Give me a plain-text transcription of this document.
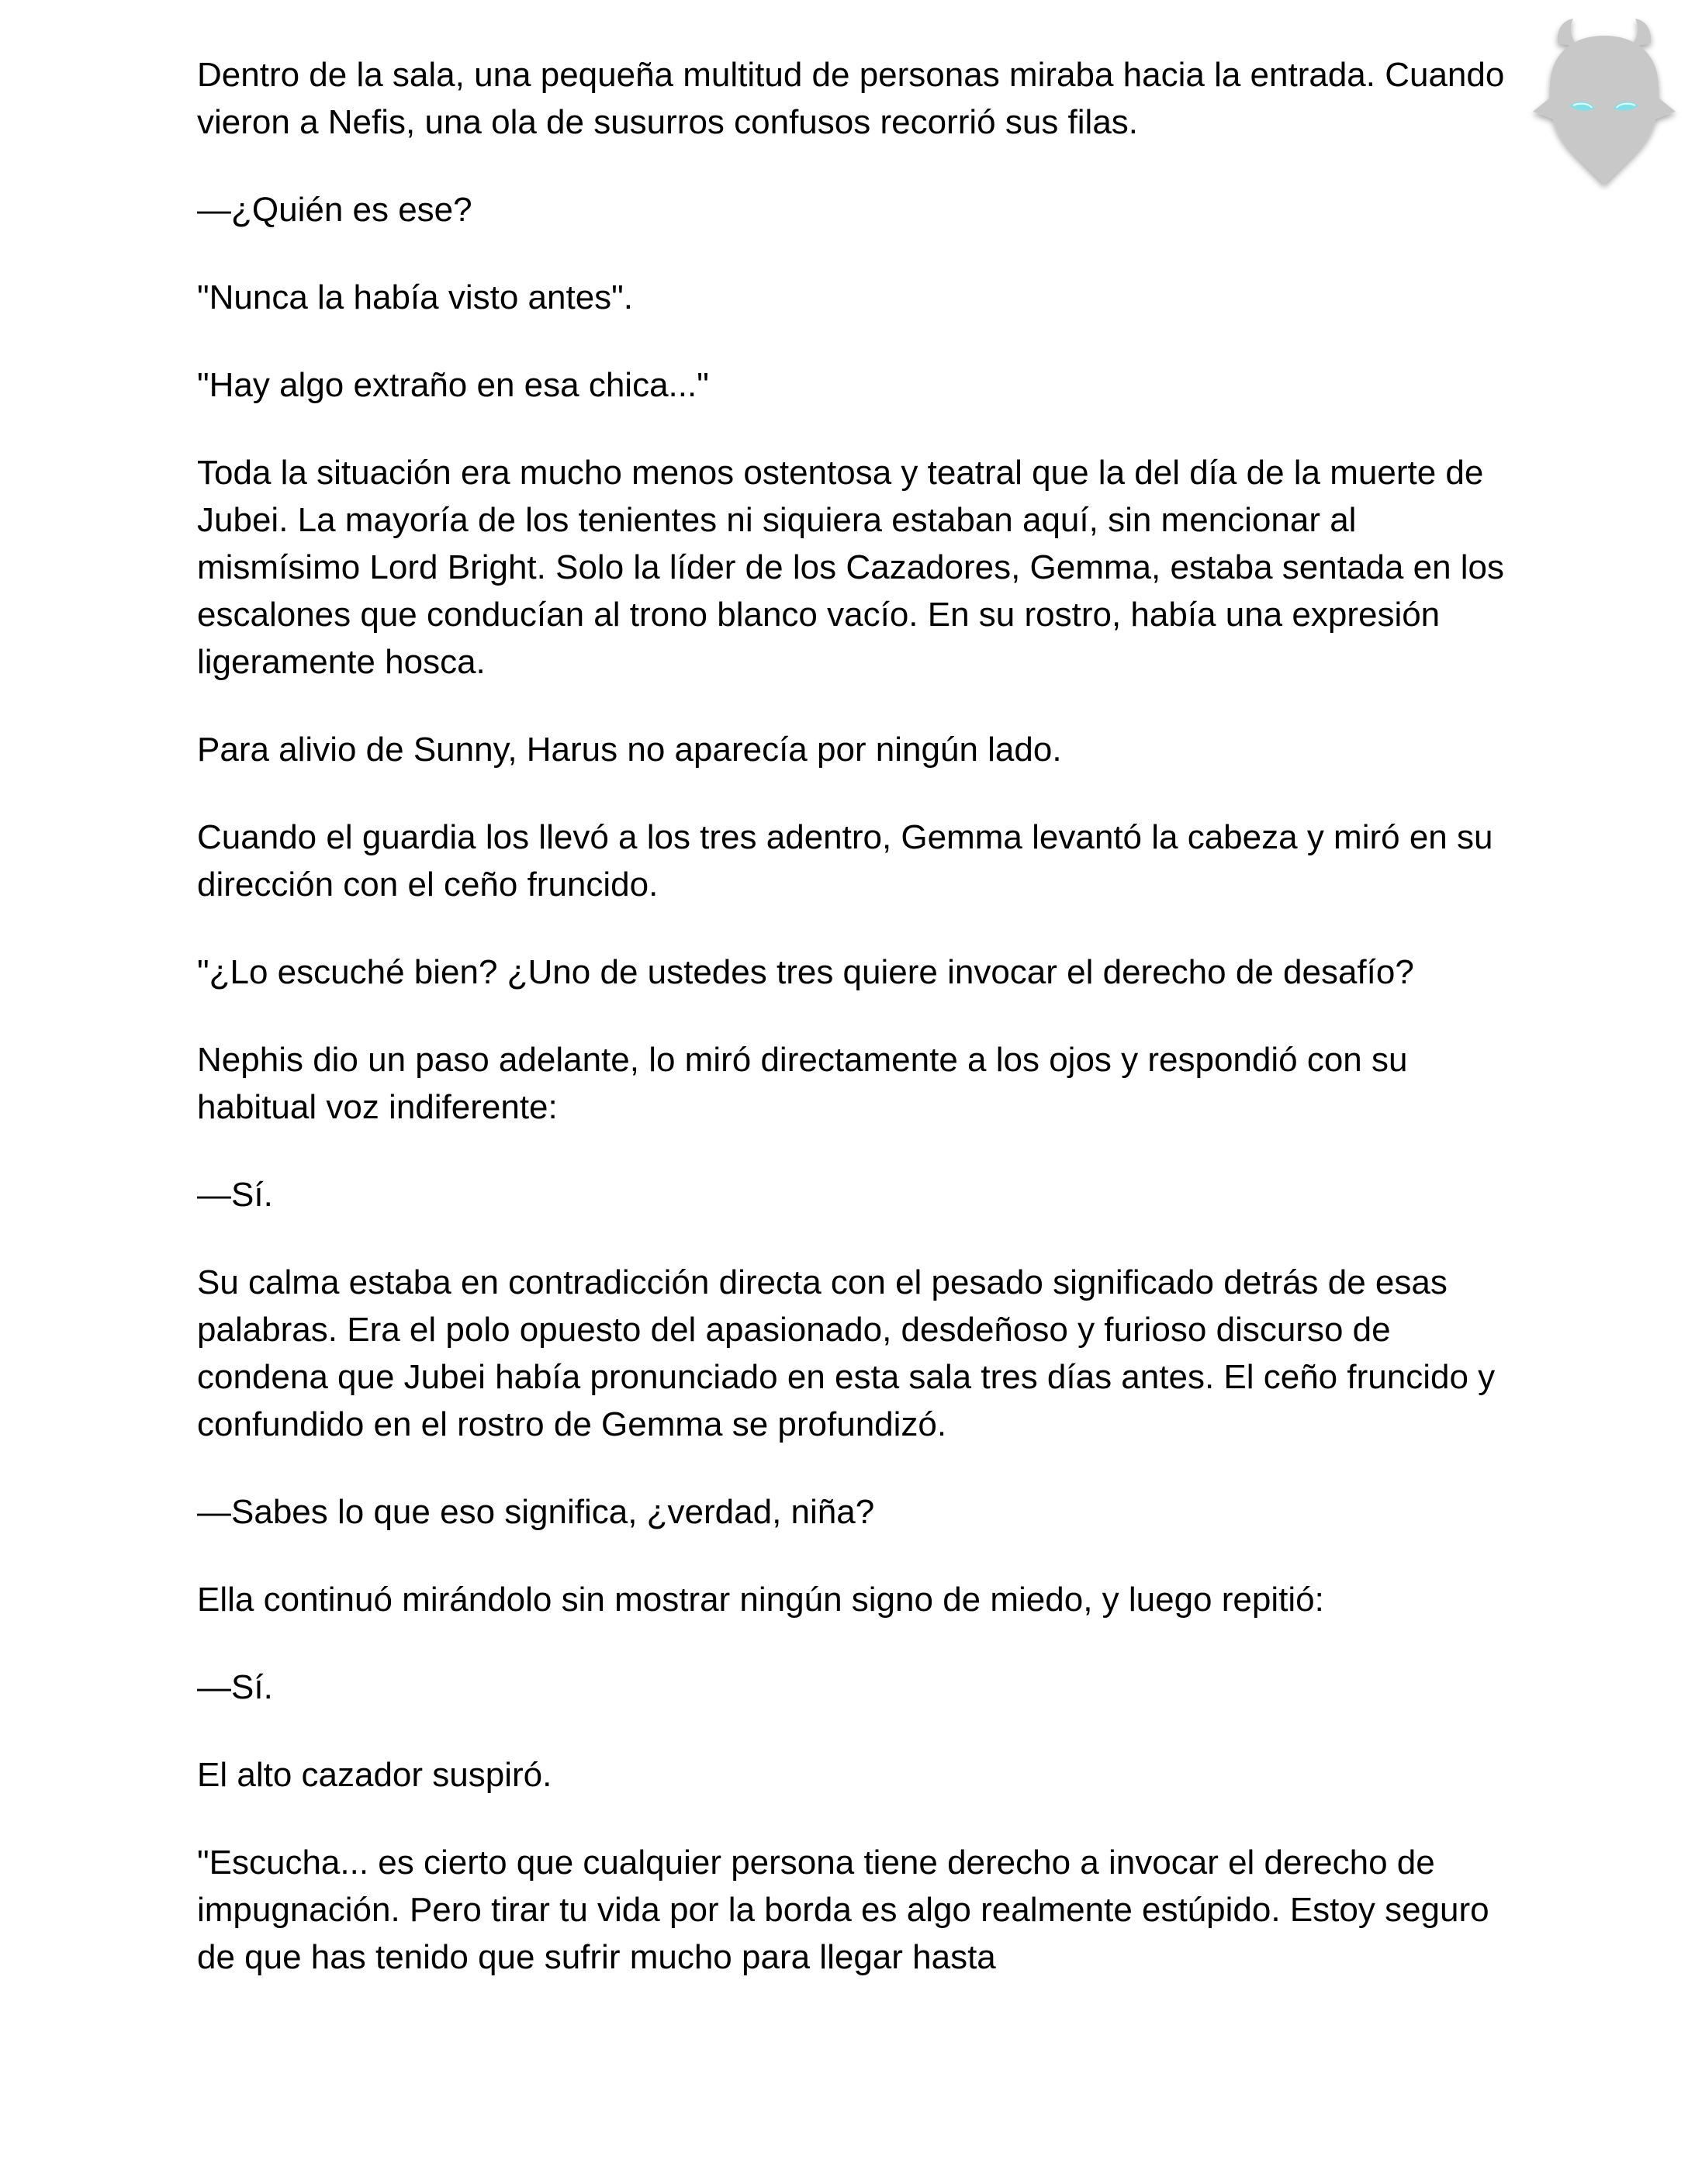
Dentro de la sala, una pequeña multitud de personas miraba hacia la entrada. Cuando vieron a Nefis, una ola de susurros confusos recorrió sus filas.

—¿Quién es ese?

"Nunca la había visto antes".

"Hay algo extraño en esa chica..."

Toda la situación era mucho menos ostentosa y teatral que la del día de la muerte de Jubei. La mayoría de los tenientes ni siquiera estaban aquí, sin mencionar al mismísimo Lord Bright. Solo la líder de los Cazadores, Gemma, estaba sentada en los escalones que conducían al trono blanco vacío. En su rostro, había una expresión ligeramente hosca.

Para alivio de Sunny, Harus no aparecía por ningún lado.

Cuando el guardia los llevó a los tres adentro, Gemma levantó la cabeza y miró en su dirección con el ceño fruncido.

"¿Lo escuché bien? ¿Uno de ustedes tres quiere invocar el derecho de desafío?

Nephis dio un paso adelante, lo miró directamente a los ojos y respondió con su habitual voz indiferente:

—Sí.

Su calma estaba en contradicción directa con el pesado significado detrás de esas palabras. Era el polo opuesto del apasionado, desdeñoso y furioso discurso de condena que Jubei había pronunciado en esta sala tres días antes. El ceño fruncido y confundido en el rostro de Gemma se profundizó.

—Sabes lo que eso significa, ¿verdad, niña?

Ella continuó mirándolo sin mostrar ningún signo de miedo, y luego repitió:

—Sí.

El alto cazador suspiró.

"Escucha... es cierto que cualquier persona tiene derecho a invocar el derecho de impugnación. Pero tirar tu vida por la borda es algo realmente estúpido. Estoy seguro de que has tenido que sufrir mucho para llegar hasta
